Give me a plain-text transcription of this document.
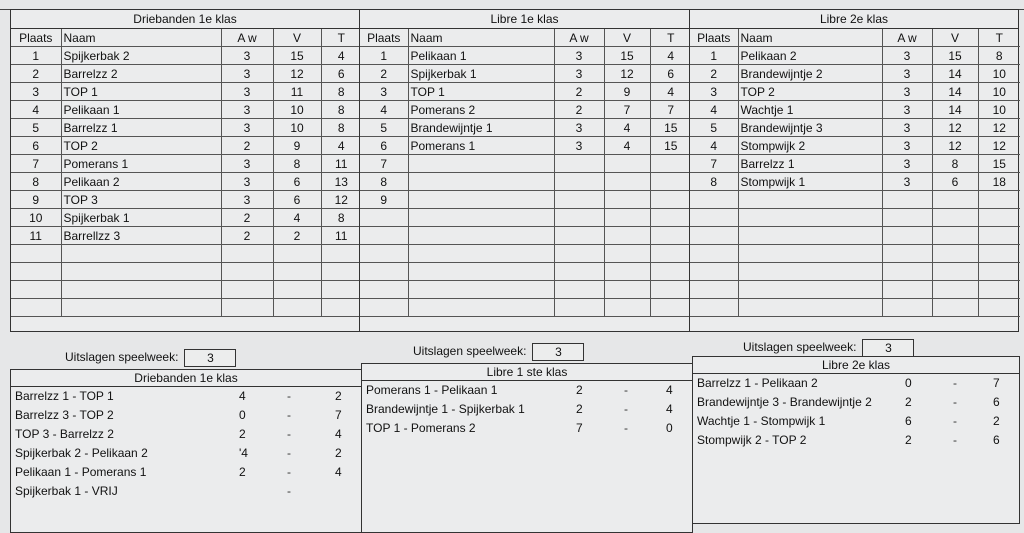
Driebanden 1e klas
Plaats	Naam	A w	V	T
1	Spijkerbak 2	3	15	4
2	Barrelzz 2	3	12	6
3	TOP 1	3	11	8
4	Pelikaan 1	3	10	8
5	Barrelzz 1	3	10	8
6	TOP 2	2	9	4
7	Pomerans 1	3	8	11
8	Pelikaan 2	3	6	13
9	TOP 3	3	6	12
10	Spijkerbak 1	2	4	8
11	Barrellzz 3	2	2	11

Libre 1e klas
Plaats	Naam	A w	V	T
1	Pelikaan 1	3	15	4
2	Spijkerbak 1	3	12	6
3	TOP 1	2	9	4
4	Pomerans 2	2	7	7
5	Brandewijntje 1	3	4	15
6	Pomerans 1	3	4	15
7				
8				
9				

Libre 2e klas
Plaats	Naam	A w	V	T
1	Pelikaan 2	3	15	8
2	Brandewijntje 2	3	14	10
3	TOP 2	3	14	10
4	Wachtje 1	3	14	10
5	Brandewijntje 3	3	12	12
4	Stompwijk 2	3	12	12
7	Barrelzz 1	3	8	15
8	Stompwijk 1	3	6	18

Uitslagen speelweek: 3	Uitslagen speelweek: 3	Uitslagen speelweek: 3
Driebanden 1e klas
Barrelzz 1 - TOP 1	4	-	2
Barrelzz 3 - TOP 2	0	-	7
TOP 3 - Barrelzz 2	2	-	4
Spijkerbak 2 - Pelikaan 2	'4	-	2
Pelikaan 1 - Pomerans 1	2	-	4
Spijkerbak 1 - VRIJ	-
Libre 1 ste klas
Pomerans 1 - Pelikaan 1	2	-	4
Brandewijntje 1 - Spijkerbak 1	2	-	4
TOP 1 - Pomerans 2	7	-	0
Libre 2e klas
Barrelzz 1 - Pelikaan 2	0	-	7
Brandewijntje 3 - Brandewijntje 2	2	-	6
Wachtje 1 - Stompwijk 1	6	-	2
Stompwijk 2 - TOP 2	2	-	6
